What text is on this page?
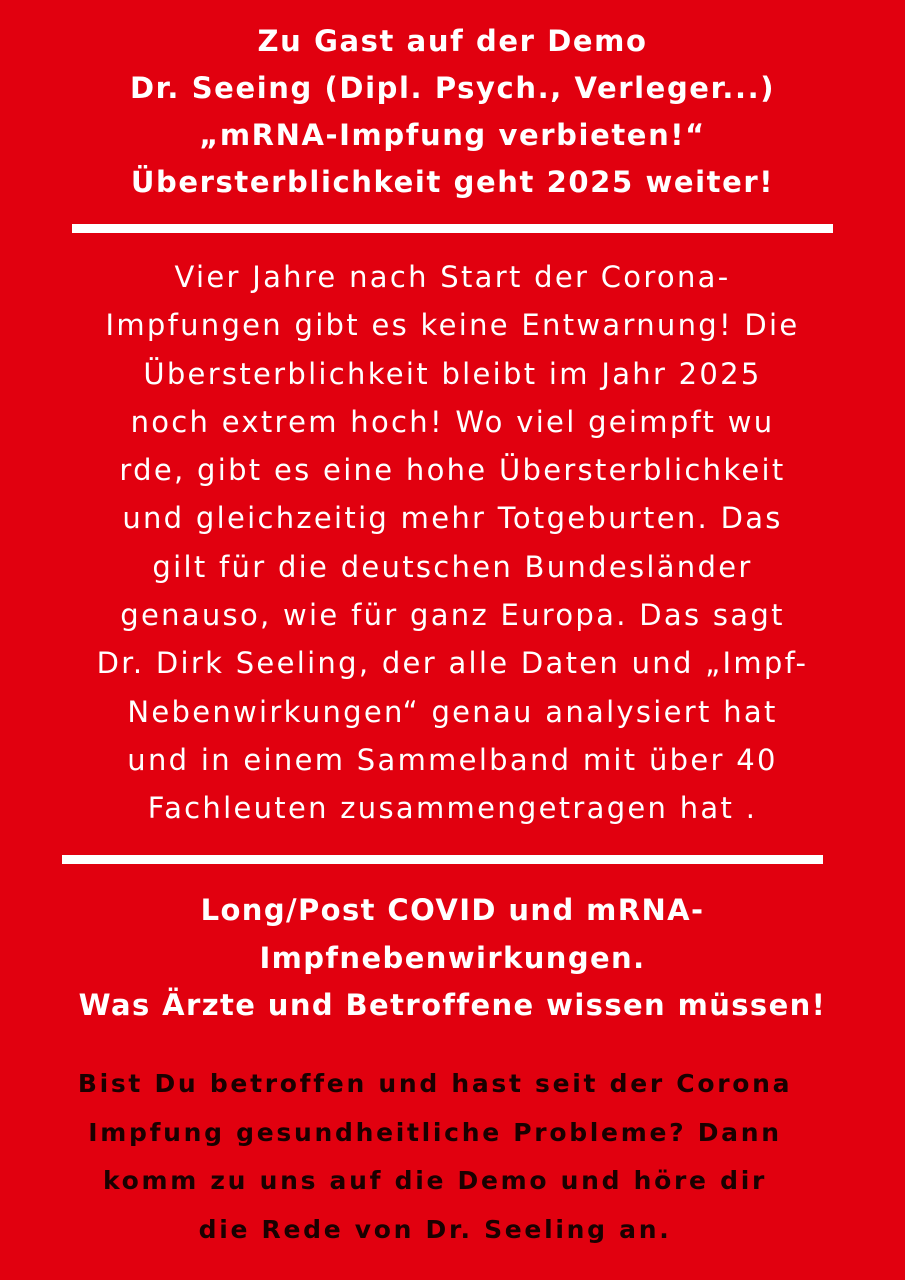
Zu Gast auf der Demo
Dr. Seeing (Dipl. Psych., Verleger...)
„mRNA-Impfung verbieten!“
Übersterblichkeit geht 2025 weiter!
Vier Jahre nach Start der Corona-
Impfungen gibt es keine Entwarnung! Die
Übersterblichkeit bleibt im Jahr 2025
noch extrem hoch! Wo viel geimpft wu
rde, gibt es eine hohe Übersterblichkeit
und gleichzeitig mehr Totgeburten. Das
gilt für die deutschen Bundesländer
genauso, wie für ganz Europa. Das sagt
Dr. Dirk Seeling, der alle Daten und „Impf-
Nebenwirkungen“ genau analysiert hat
und in einem Sammelband mit über 40
Fachleuten zusammengetragen hat .
Long/Post COVID und mRNA-
Impfnebenwirkungen.
Was Ärzte und Betroffene wissen müssen!
Bist Du betroffen und hast seit der Corona
Impfung gesundheitliche Probleme? Dann
komm zu uns auf die Demo und höre dir
die Rede von Dr. Seeling an.
